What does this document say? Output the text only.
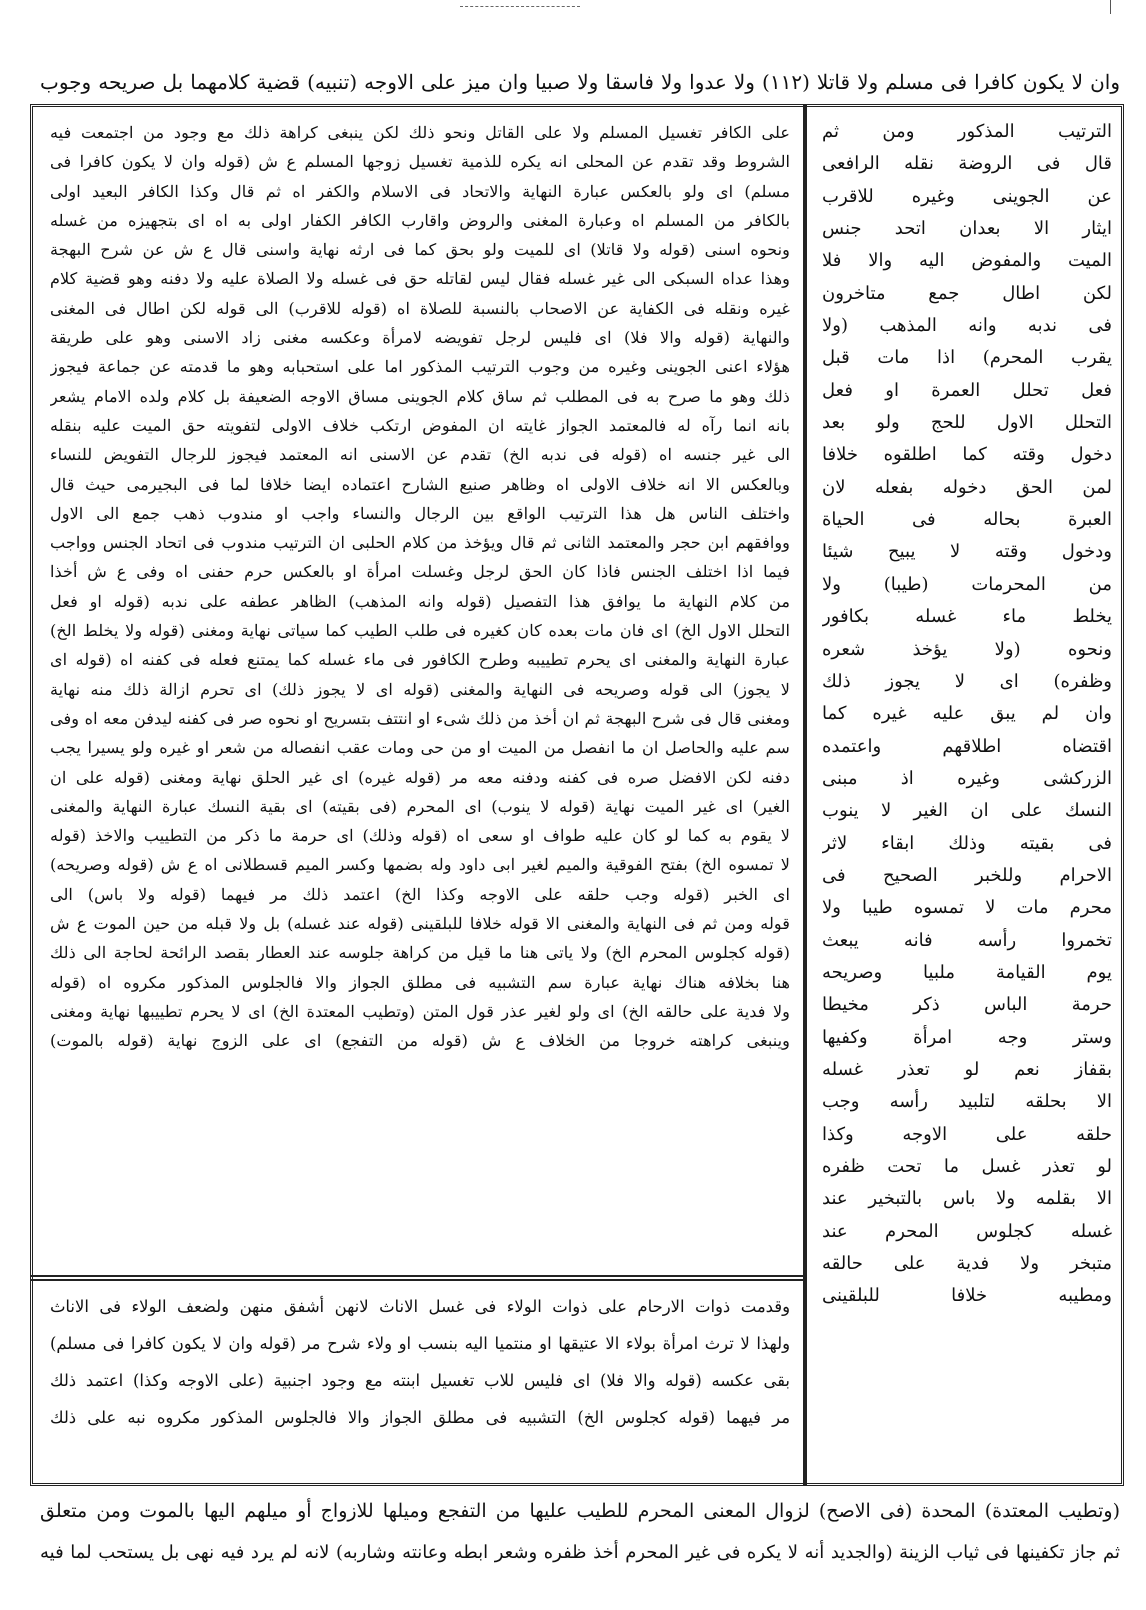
وان لا يكون كافرا فى مسلم ولا قاتلا (١١٢) ولا عدوا ولا فاسقا ولا صبيا وان ميز على الاوجه (تنبيه) قضية كلامهما بل صريحه وجوب
على الكافر تغسيل المسلم ولا على القاتل ونحو ذلك لكن ينبغى كراهة ذلك مع وجود من اجتمعت فيه
الشروط وقد تقدم عن المحلى انه يكره للذمية تغسيل زوجها المسلم ع ش (قوله وان لا يكون كافرا فى
مسلم) اى ولو بالعكس عبارة النهاية والاتحاد فى الاسلام والكفر اه ثم قال وكذا الكافر البعيد اولى
بالكافر من المسلم اه وعبارة المغنى والروض واقارب الكافر الكفار اولى به اه اى بتجهيزه من غسله
ونحوه اسنى (قوله ولا قاتلا) اى للميت ولو بحق كما فى ارثه نهاية واسنى قال ع ش عن شرح البهجة
وهذا عداه السبكى الى غير غسله فقال ليس لقاتله حق فى غسله ولا الصلاة عليه ولا دفنه وهو قضية كلام
غيره ونقله فى الكفاية عن الاصحاب بالنسبة للصلاة اه (قوله للاقرب) الى قوله لكن اطال فى المغنى
والنهاية (قوله والا فلا) اى فليس لرجل تفويضه لامرأة وعكسه مغنى زاد الاسنى وهو على طريقة
هؤلاء اعنى الجوينى وغيره من وجوب الترتيب المذكور اما على استحبابه وهو ما قدمته عن جماعة فيجوز
ذلك وهو ما صرح به فى المطلب ثم ساق كلام الجوينى مساق الاوجه الضعيفة بل كلام ولده الامام يشعر
بانه انما رآه له فالمعتمد الجواز غايته ان المفوض ارتكب خلاف الاولى لتفويته حق الميت عليه بنقله
الى غير جنسه اه (قوله فى ندبه الخ) تقدم عن الاسنى انه المعتمد فيجوز للرجال التفويض للنساء
وبالعكس الا انه خلاف الاولى اه وظاهر صنيع الشارح اعتماده ايضا خلافا لما فى البجيرمى حيث قال
واختلف الناس هل هذا الترتيب الواقع بين الرجال والنساء واجب او مندوب ذهب جمع الى الاول
ووافقهم ابن حجر والمعتمد الثانى ثم قال ويؤخذ من كلام الحلبى ان الترتيب مندوب فى اتحاد الجنس وواجب
فيما اذا اختلف الجنس فاذا كان الحق لرجل وغسلت امرأة او بالعكس حرم حفنى اه وفى ع ش أخذا
من كلام النهاية ما يوافق هذا التفصيل (قوله وانه المذهب) الظاهر عطفه على ندبه (قوله او فعل
التحلل الاول الخ) اى فان مات بعده كان كغيره فى طلب الطيب كما سياتى نهاية ومغنى (قوله ولا يخلط الخ)
عبارة النهاية والمغنى اى يحرم تطييبه وطرح الكافور فى ماء غسله كما يمتنع فعله فى كفنه اه (قوله اى
لا يجوز) الى قوله وصريحه فى النهاية والمغنى (قوله اى لا يجوز ذلك) اى تحرم ازالة ذلك منه نهاية
ومغنى قال فى شرح البهجة ثم ان أخذ من ذلك شىء او انتتف بتسريح او نحوه صر فى كفنه ليدفن معه اه وفى
سم عليه والحاصل ان ما انفصل من الميت او من حى ومات عقب انفصاله من شعر او غيره ولو يسيرا يجب
دفنه لكن الافضل صره فى كفنه ودفنه معه مر (قوله غيره) اى غير الحلق نهاية ومغنى (قوله على ان
الغير) اى غير الميت نهاية (قوله لا ينوب) اى المحرم (فى بقيته) اى بقية النسك عبارة النهاية والمغنى
لا يقوم به كما لو كان عليه طواف او سعى اه (قوله وذلك) اى حرمة ما ذكر من التطييب والاخذ (قوله
لا تمسوه الخ) بفتح الفوقية والميم لغير ابى داود وله بضمها وكسر الميم قسطلانى اه ع ش (قوله وصريحه)
اى الخبر (قوله وجب حلقه على الاوجه وكذا الخ) اعتمد ذلك مر فيهما (قوله ولا باس) الى
قوله ومن ثم فى النهاية والمغنى الا قوله خلافا للبلقينى (قوله عند غسله) بل ولا قبله من حين الموت ع ش
(قوله كجلوس المحرم الخ) ولا ياتى هنا ما قيل من كراهة جلوسه عند العطار بقصد الرائحة لحاجة الى ذلك
هنا بخلافه هناك نهاية عبارة سم التشبيه فى مطلق الجواز والا فالجلوس المذكور مكروه اه (قوله
ولا فدية على حالقه الخ) اى ولو لغير عذر قول المتن (وتطيب المعتدة الخ) اى لا يحرم تطييبها نهاية ومغنى
وينبغى كراهته خروجا من الخلاف ع ش (قوله من التفجع) اى على الزوج نهاية (قوله بالموت)
وقدمت ذوات الارحام على ذوات الولاء فى غسل الاناث لانهن أشفق منهن ولضعف الولاء فى الاناث
ولهذا لا ترث امرأة بولاء الا عتيقها او منتميا اليه بنسب او ولاء شرح مر (قوله وان لا يكون كافرا فى مسلم)
بقى عكسه (قوله والا فلا) اى فليس للاب تغسيل ابنته مع وجود اجنبية (على الاوجه وكذا) اعتمد ذلك
مر فيهما (قوله كجلوس الخ) التشبيه فى مطلق الجواز والا فالجلوس المذكور مكروه نبه على ذلك
الترتيب المذكور ومن ثم
قال فى الروضة نقله الرافعى
عن الجوينى وغيره للاقرب
ايثار الا بعدان اتحد جنس
الميت والمفوض اليه والا فلا
لكن اطال جمع متاخرون
فى ندبه وانه المذهب (ولا
يقرب المحرم) اذا مات قبل
فعل تحلل العمرة او فعل
التحلل الاول للحج ولو بعد
دخول وقته كما اطلقوه خلافا
لمن الحق دخوله بفعله لان
العبرة بحاله فى الحياة
ودخول وقته لا يبيح شيئا
من المحرمات (طيبا) ولا
يخلط ماء غسله بكافور
ونحوه (ولا يؤخذ شعره
وظفره) اى لا يجوز ذلك
وان لم يبق عليه غيره كما
اقتضاه اطلاقهم واعتمده
الزركشى وغيره اذ مبنى
النسك على ان الغير لا ينوب
فى بقيته وذلك ابقاء لاثر
الاحرام وللخبر الصحيح فى
محرم مات لا تمسوه طيبا ولا
تخمروا رأسه فانه يبعث
يوم القيامة ملبيا وصريحه
حرمة الباس ذكر مخيطا
وستر وجه امرأة وكفيها
بقفاز نعم لو تعذر غسله
الا بحلقه لتلبيد رأسه وجب
حلقه على الاوجه وكذا
لو تعذر غسل ما تحت ظفره
الا بقلمه ولا باس بالتبخير عند
غسله كجلوس المحرم عند
متبخر ولا فدية على حالقه
ومطيبه خلافا للبلقينى
(وتطيب المعتدة) المحدة (فى الاصح) لزوال المعنى المحرم للطيب عليها من التفجع وميلها للازواج أو ميلهم اليها بالموت ومن متعلق
ثم جاز تكفينها فى ثياب الزينة (والجديد أنه لا يكره فى غير المحرم أخذ ظفره وشعر ابطه وعانته وشاربه) لانه لم يرد فيه نهى بل يستحب لما فيه
